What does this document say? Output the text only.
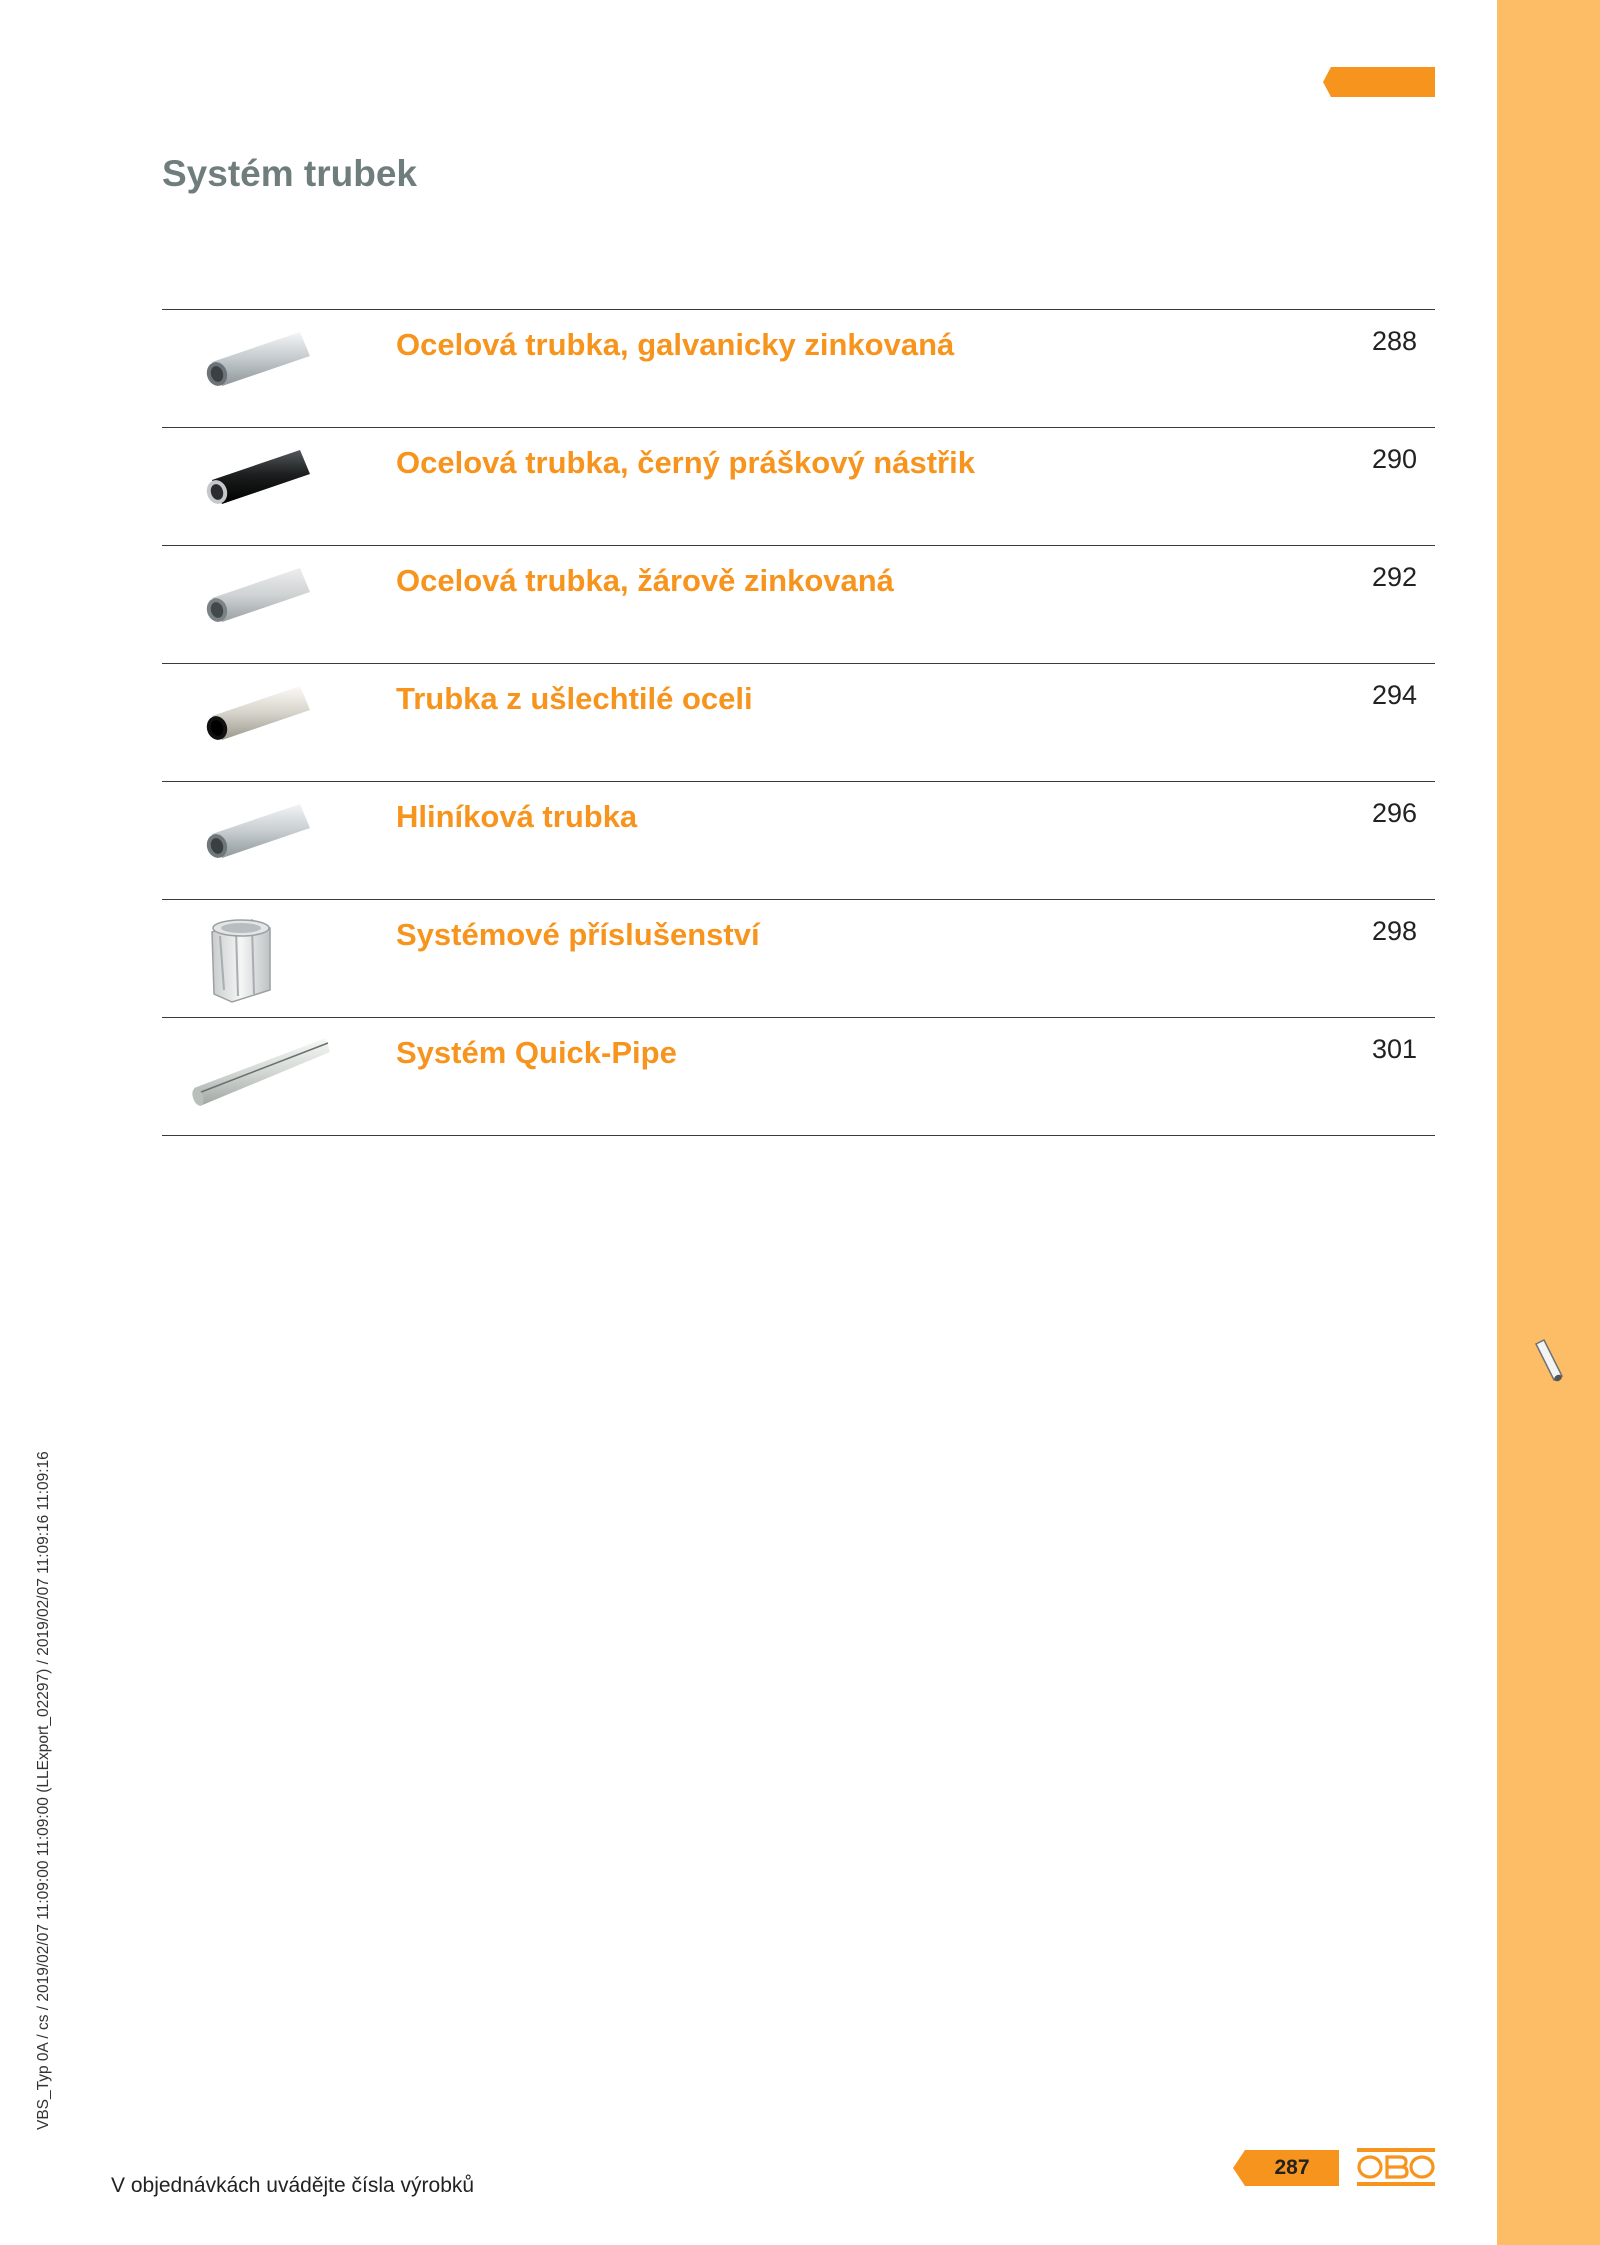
Systém trubek
Ocelová trubka, galvanicky zinkovaná	288
Ocelová trubka, černý práškový nástřik	290
Ocelová trubka, žárově zinkovaná	292
Trubka z ušlechtilé oceli	294
Hliníková trubka	296
Systémové příslušenství	298
Systém Quick-Pipe	301
VBS_Typ 0A / cs / 2019/02/07 11:09:00 11:09:00 (LLExport_02297) / 2019/02/07 11:09:16 11:09:16
V objednávkách uvádějte čísla výrobků
287
